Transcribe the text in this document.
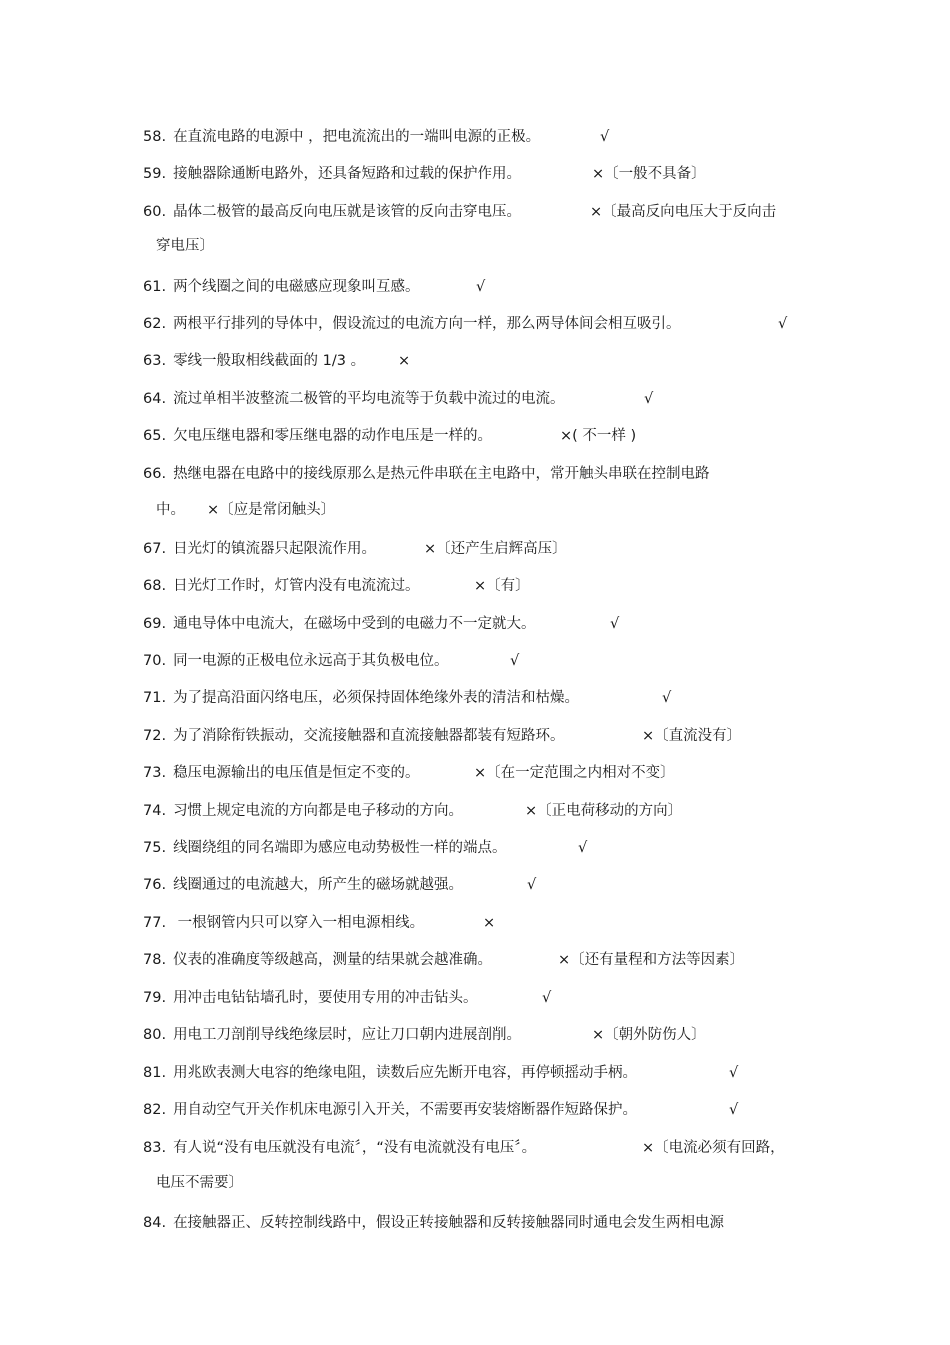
58. 在直流电路的电源中 ，把电流流出的一端叫电源的正极。	√
59. 接触器除通断电路外，还具备短路和过载的保护作用。	×〔一般不具备〕
60. 晶体二极管的最高反向电压就是该管的反向击穿电压。	×〔最高反向电压大于反向击
穿电压〕
61. 两个线圈之间的电磁感应现象叫互感。	√
62. 两根平行排列的导体中，假设流过的电流方向一样，那么两导体间会相互吸引。	√
63. 零线一般取相线截面的 1/3 。 ×
64. 流过单相半波整流二极管的平均电流等于负载中流过的电流。	√
65. 欠电压继电器和零压继电器的动作电压是一样的。	×( 不一样 )
66. 热继电器在电路中的接线原那么是热元件串联在主电路中，常开触头串联在控制电路
中。 ×〔应是常闭触头〕
67. 日光灯的镇流器只起限流作用。	×〔还产生启辉高压〕
68. 日光灯工作时，灯管内没有电流流过。	×〔有〕
69. 通电导体中电流大，在磁场中受到的电磁力不一定就大。	√
70. 同一电源的正极电位永远高于其负极电位。	√
71. 为了提高沿面闪络电压，必须保持固体绝缘外表的清洁和枯燥。	√
72. 为了消除衔铁振动，交流接触器和直流接触器都装有短路环。	×〔直流没有〕
73. 稳压电源输出的电压值是恒定不变的。	×〔在一定范围之内相对不变〕
74. 习惯上规定电流的方向都是电子移动的方向。	×〔正电荷移动的方向〕
75. 线圈绕组的同名端即为感应电动势极性一样的端点。	√
76. 线圈通过的电流越大，所产生的磁场就越强。	√
77. 一根钢管内只可以穿入一相电源相线。	×
78. 仪表的准确度等级越高，测量的结果就会越准确。	×〔还有量程和方法等因素〕
79. 用冲击电钻钻墙孔时，要使用专用的冲击钻头。	√
80. 用电工刀剖削导线绝缘层时，应让刀口朝内进展剖削。	×〔朝外防伤人〕
81. 用兆欧表测大电容的绝缘电阻，读数后应先断开电容，再停顿摇动手柄。	√
82. 用自动空气开关作机床电源引入开关，不需要再安装熔断器作短路保护。	√
83. 有人说“没有电压就没有电流〞，“没有电流就没有电压〞。	×〔电流必须有回路，
电压不需要〕
84. 在接触器正、反转控制线路中，假设正转接触器和反转接触器同时通电会发生两相电源
